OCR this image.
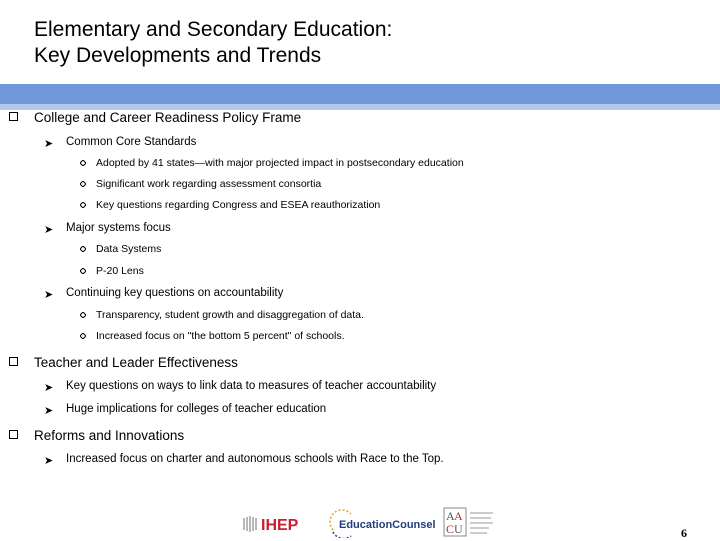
Elementary and Secondary Education:
Key Developments and Trends
College and Career Readiness Policy Frame
➤ Common Core Standards
Adopted by 41 states—with major projected impact in postsecondary education
Significant work regarding assessment consortia
Key questions regarding Congress and ESEA reauthorization
➤ Major systems focus
Data Systems
P-20 Lens
➤ Continuing key questions on accountability
Transparency, student growth and disaggregation of data.
Increased focus on "the bottom 5 percent" of schools.
Teacher and Leader Effectiveness
➤ Key questions on ways to link data to measures of teacher accountability
➤ Huge implications for colleges of teacher education
Reforms and Innovations
➤ Increased focus on charter and autonomous schools with Race to the Top.
IHEP	EducationCounsel
A A
C U	6
